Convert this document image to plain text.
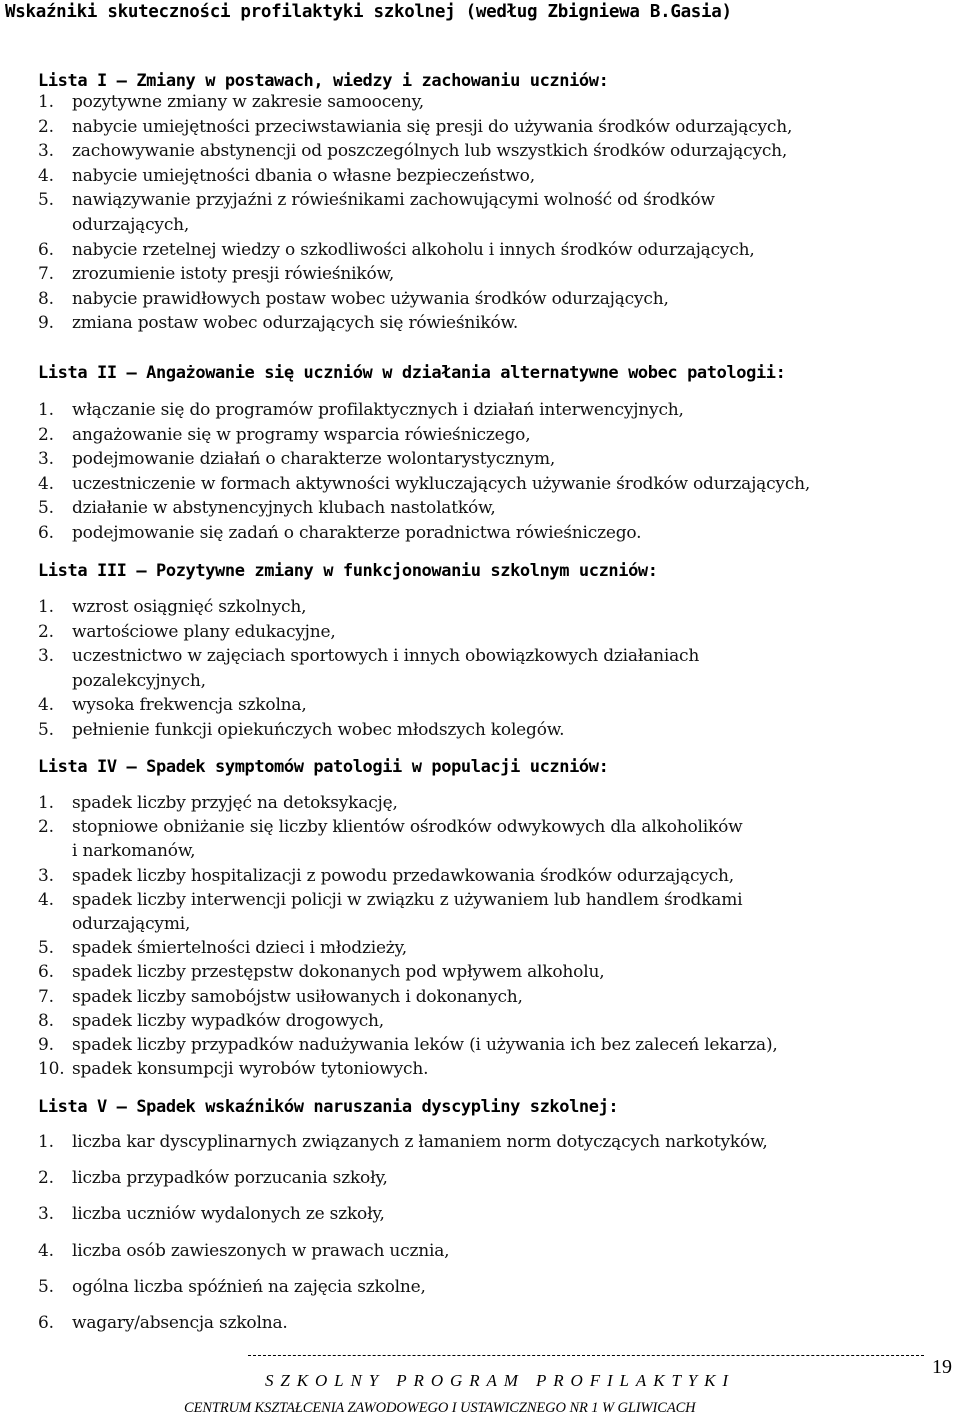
Wskaźniki skuteczności profilaktyki szkolnej (według Zbigniewa B.Gasia)
Lista I – Zmiany w postawach, wiedzy i zachowaniu uczniów:
1. pozytywne zmiany w zakresie samooceny,
2. nabycie umiejętności przeciwstawiania się presji do używania środków odurzających,
3. zachowywanie abstynencji od poszczególnych lub wszystkich środków odurzających,
4. nabycie umiejętności dbania o własne bezpieczeństwo,
5. nawiązywanie przyjaźni z rówieśnikami zachowującymi wolność od środków
odurzających,
6. nabycie rzetelnej wiedzy o szkodliwości alkoholu i innych środków odurzających,
7. zrozumienie istoty presji rówieśników,
8. nabycie prawidłowych postaw wobec używania środków odurzających,
9. zmiana postaw wobec odurzających się rówieśników.
Lista II – Angażowanie się uczniów w działania alternatywne wobec patologii:
1. włączanie się do programów profilaktycznych i działań interwencyjnych,
2. angażowanie się w programy wsparcia rówieśniczego,
3. podejmowanie działań o charakterze wolontarystycznym,
4. uczestniczenie w formach aktywności wykluczających używanie środków odurzających,
5. działanie w abstynencyjnych klubach nastolatków,
6. podejmowanie się zadań o charakterze poradnictwa rówieśniczego.
Lista III – Pozytywne zmiany w funkcjonowaniu szkolnym uczniów:
1. wzrost osiągnięć szkolnych,
2. wartościowe plany edukacyjne,
3. uczestnictwo w zajęciach sportowych i innych obowiązkowych działaniach
pozalekcyjnych,
4. wysoka frekwencja szkolna,
5. pełnienie funkcji opiekuńczych wobec młodszych kolegów.
Lista IV – Spadek symptomów patologii w populacji uczniów:
1. spadek liczby przyjęć na detoksykację,
2. stopniowe obniżanie się liczby klientów ośrodków odwykowych dla alkoholików
i narkomanów,
3. spadek liczby hospitalizacji z powodu przedawkowania środków odurzających,
4. spadek liczby interwencji policji w związku z używaniem lub handlem środkami
odurzającymi,
5. spadek śmiertelności dzieci i młodzieży,
6. spadek liczby przestępstw dokonanych pod wpływem alkoholu,
7. spadek liczby samobójstw usiłowanych i dokonanych,
8. spadek liczby wypadków drogowych,
9. spadek liczby przypadków nadużywania leków (i używania ich bez zaleceń lekarza),
10. spadek konsumpcji wyrobów tytoniowych.
Lista V – Spadek wskaźników naruszania dyscypliny szkolnej:
1. liczba kar dyscyplinarnych związanych z łamaniem norm dotyczących narkotyków,
2. liczba przypadków porzucania szkoły,
3. liczba uczniów wydalonych ze szkoły,
4. liczba osób zawieszonych w prawach ucznia,
5. ogólna liczba spóźnień na zajęcia szkolne,
6. wagary/absencja szkolna.
19
SZKOLNY PROGRAM PROFILAKTYKI
CENTRUM KSZTAŁCENIA ZAWODOWEGO I USTAWICZNEGO NR 1 W GLIWICACH
